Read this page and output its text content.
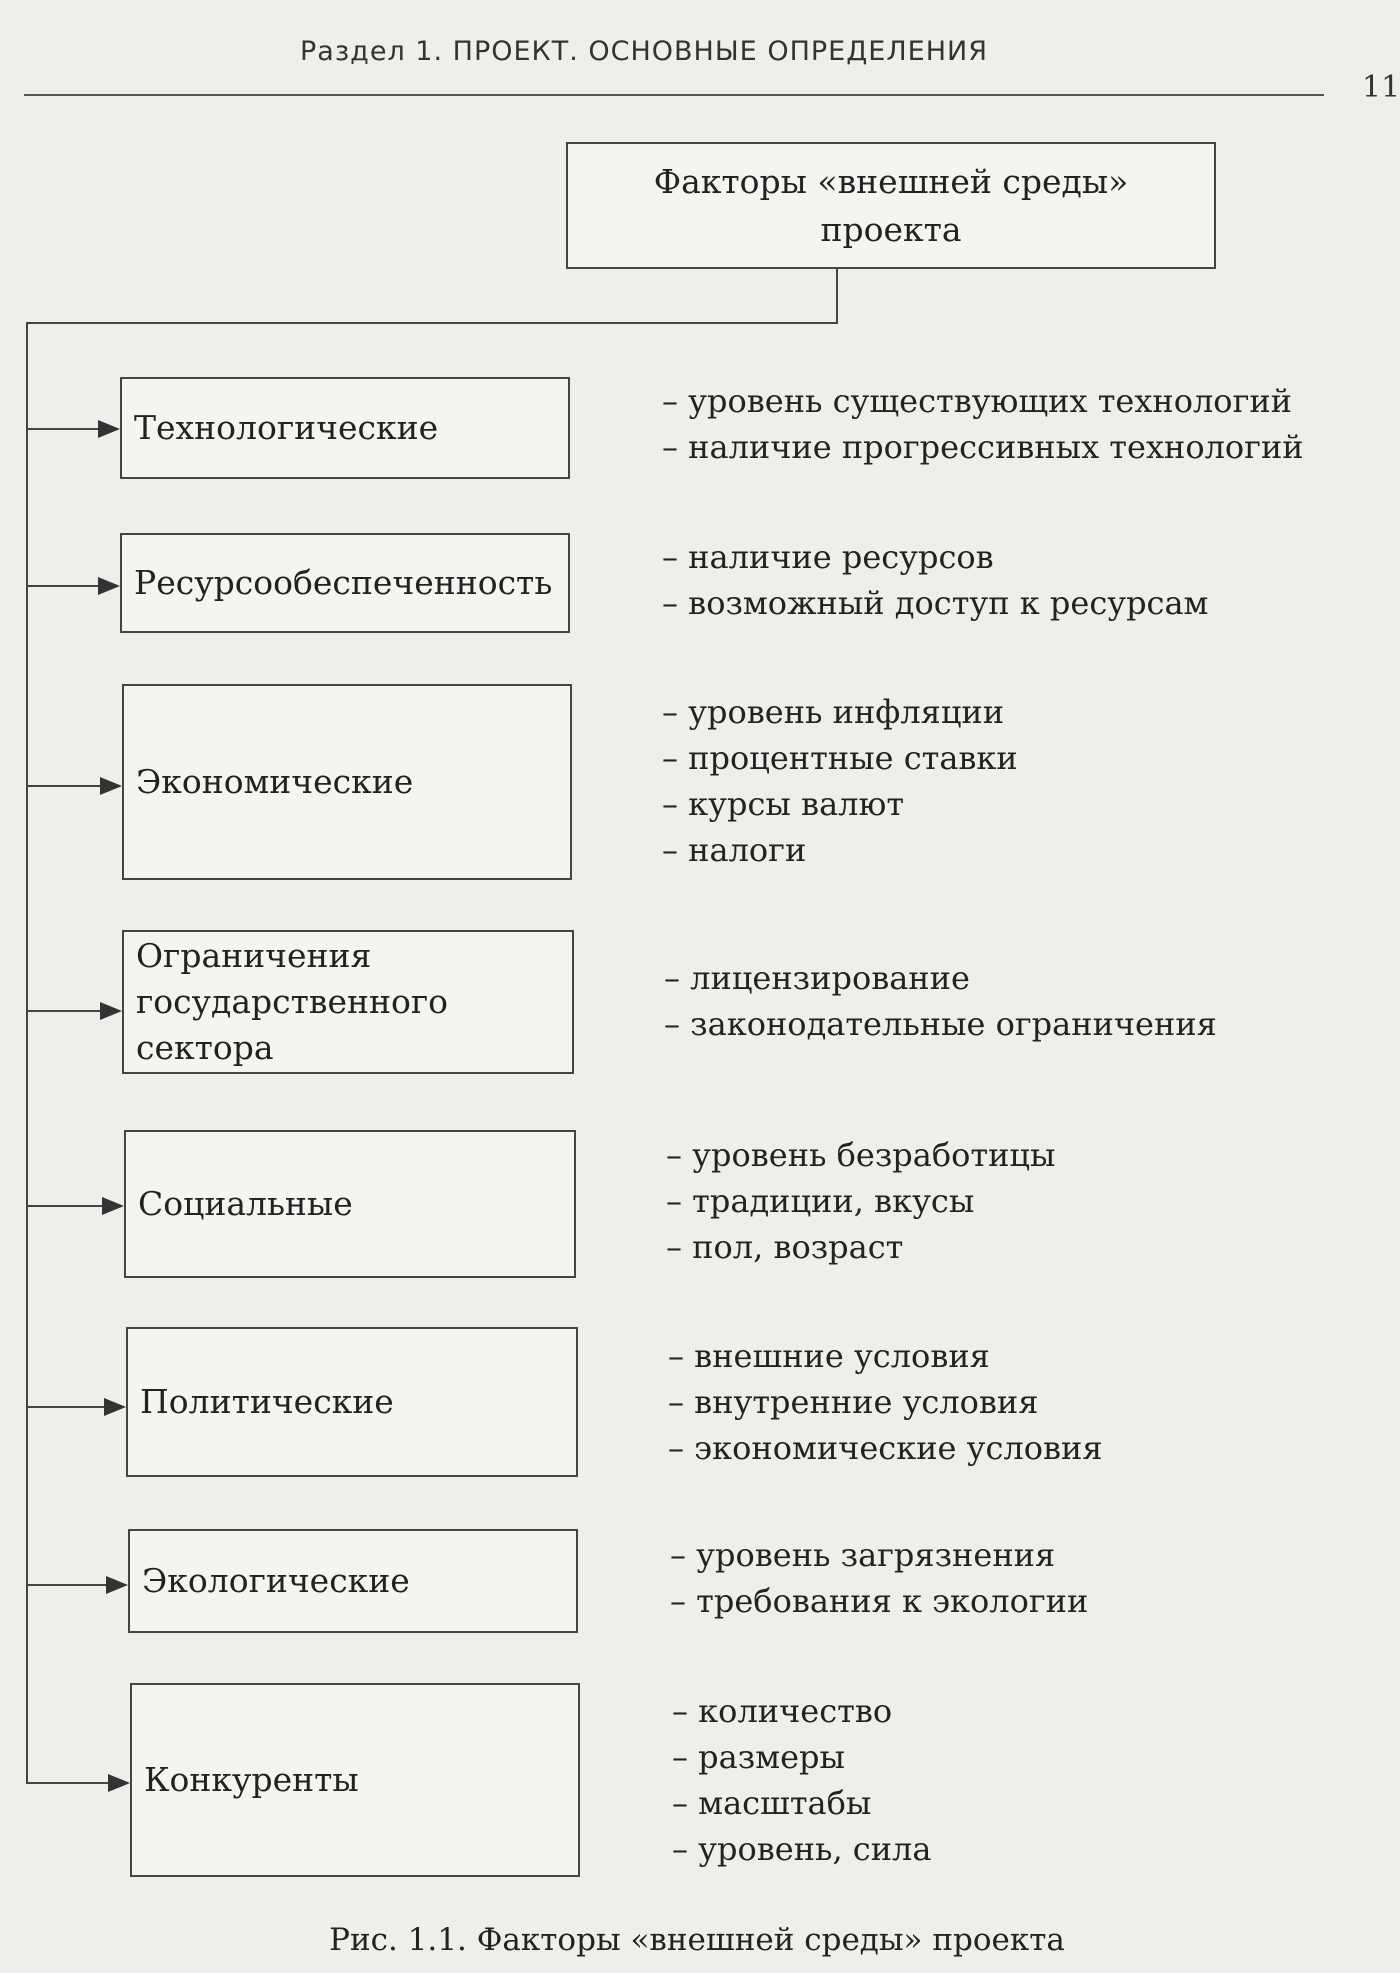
Раздел 1. ПРОЕКТ. ОСНОВНЫЕ ОПРЕДЕЛЕНИЯ
11
Факторы «внешней среды»
проекта
Технологические
– уровень существующих технологий
– наличие прогрессивных технологий
Ресурсообеспеченность
– наличие ресурсов
– возможный доступ к ресурсам
Экономические
– уровень инфляции
– процентные ставки
– курсы валют
– налоги
Ограничения
государственного
сектора
– лицензирование
– законодательные ограничения
Социальные
– уровень безработицы
– традиции, вкусы
– пол, возраст
Политические
– внешние условия
– внутренние условия
– экономические условия
Экологические
– уровень загрязнения
– требования к экологии
Конкуренты
– количество
– размеры
– масштабы
– уровень, сила
Рис. 1.1. Факторы «внешней среды» проекта
